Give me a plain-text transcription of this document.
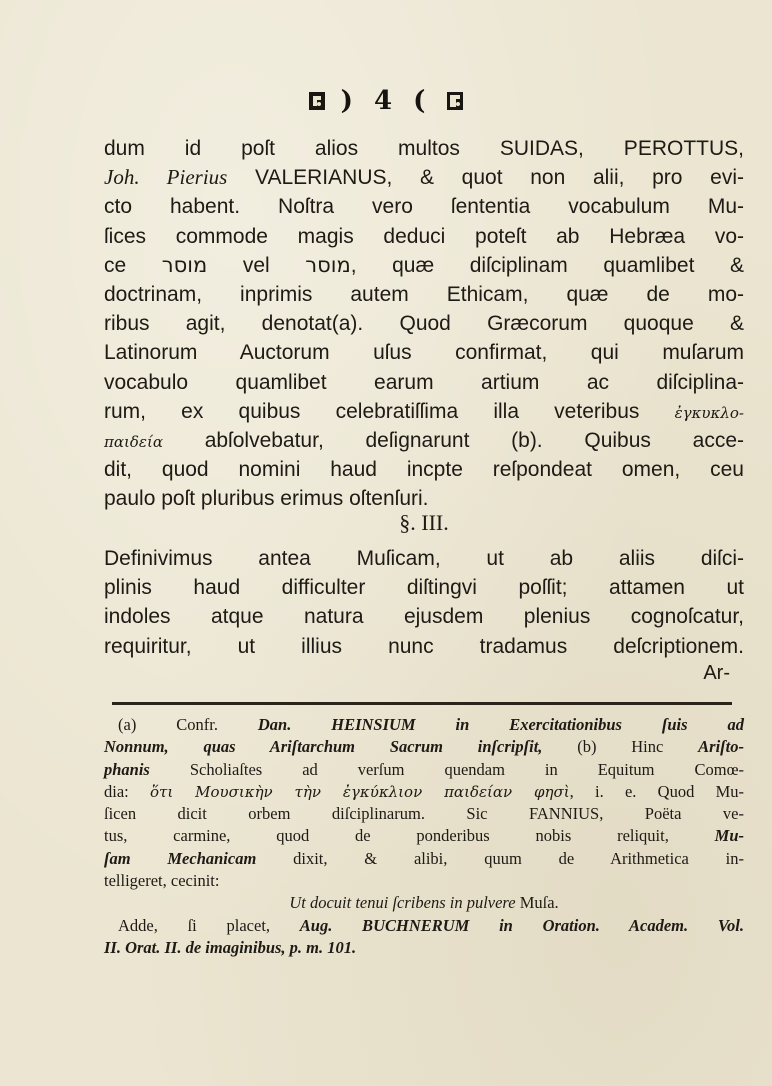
) 4 (
dum id poſt alios multos SUIDAS, PEROTTUS,
Joh. Pierius VALERIANUS, & quot non alii, pro evi-
cto habent. Noſtra vero ſententia vocabulum Mu-
ſices commode magis deduci poteſt ab Hebræa vo-
ce מוסר vel מוסר, quæ diſciplinam quamlibet &
doctrinam, inprimis autem Ethicam, quæ de mo-
ribus agit, denotat(a). Quod Græcorum quoque &
Latinorum Auctorum uſus confirmat, qui muſarum
vocabulo quamlibet earum artium ac diſciplina-
rum, ex quibus celebratiſſima illa veteribus ἐγκυκλο-
παιδεία abſolvebatur, deſignarunt (b). Quibus acce-
dit, quod nomini haud incpte reſpondeat omen, ceu
paulo poſt pluribus erimus oſtenſuri.
§. III.
Definivimus antea Muſicam, ut ab aliis diſci-
plinis haud difficulter diſtingvi poſſit; attamen ut
indoles atque natura ejusdem plenius cognoſcatur,
requiritur, ut illius nunc tradamus deſcriptionem.
Ar-
(a) Confr. Dan. HEINSIUM in Exercitationibus ſuis ad
Nonnum, quas Ariſtarchum Sacrum inſcripſit, (b) Hinc Ariſto-
phanis Scholiaſtes ad verſum quendam in Equitum Comœ-
dia: ὅτι Μουσικὴν τὴν ἐγκύκλιον παιδείαν φησὶ, i. e. Quod Mu-
ſicen dicit orbem diſciplinarum. Sic FANNIUS, Poëta ve-
tus, carmine, quod de ponderibus nobis reliquit, Mu-
ſam Mechanicam dixit, & alibi, quum de Arithmetica in-
telligeret, cecinit:
Ut docuit tenui ſcribens in pulvere Muſa.
Adde, ſi placet, Aug. BUCHNERUM in Oration. Academ. Vol.
II. Orat. II. de imaginibus, p. m. 101.
